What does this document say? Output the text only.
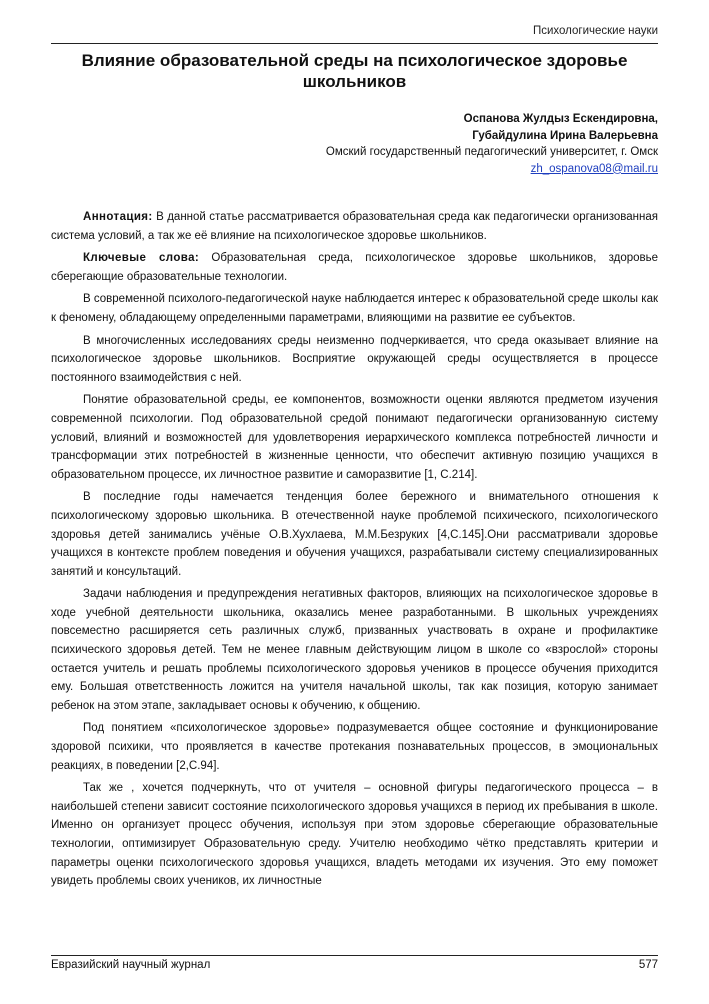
Психологические науки
Влияние образовательной среды на психологическое здоровье школьников
Оспанова Жулдыз Ескендировна,
Губайдулина Ирина Валерьевна
Омский государственный педагогический университет, г. Омск
zh_ospanova08@mail.ru

Аннотация: В данной статье рассматривается образовательная среда как педагогически организованная система условий, а так же её влияние на психологическое здоровье школьников.

Ключевые слова: Образовательная среда, психологическое здоровье школьников, здоровье сберегающие образовательные технологии.

В современной психолого-педагогической науке наблюдается интерес к образовательной среде школы как к феномену, обладающему определенными параметрами, влияющими на развитие ее субъектов.

В многочисленных исследованиях среды неизменно подчеркивается, что среда оказывает влияние на психологическое здоровье школьников. Восприятие окружающей среды осуществляется в процессе постоянного взаимодействия с ней.

Понятие образовательной среды, ее компонентов, возможности оценки являются предметом изучения современной психологии. Под образовательной средой понимают педагогически организованную систему условий, влияний и возможностей для удовлетворения иерархического комплекса потребностей личности и трансформации этих потребностей в жизненные ценности, что обеспечит активную позицию учащихся в образовательном процессе, их личностное развитие и саморазвитие [1, С.214].

В последние годы намечается тенденция более бережного и внимательного отношения к психологическому здоровью школьника. В отечественной науке проблемой психического, психологического здоровья детей занимались учёные О.В.Хухлаева, М.М.Безруких [4,С.145].Они рассматривали здоровье учащихся в контексте проблем поведения и обучения учащихся, разрабатывали систему специализированных занятий и консультаций.

Задачи наблюдения и предупреждения негативных факторов, влияющих на психологическое здоровье в ходе учебной деятельности школьника, оказались менее разработанными. В школьных учреждениях повсеместно расширяется сеть различных служб, призванных участвовать в охране и профилактике психического здоровья детей. Тем не менее главным действующим лицом в школе со «взрослой» стороны остается учитель и решать проблемы психологического здоровья учеников в процессе обучения приходится ему. Большая ответственность ложится на учителя начальной школы, так как позиция, которую занимает ребенок на этом этапе, закладывает основы к обучению, к общению.

Под понятием «психологическое здоровье» подразумевается общее состояние и функционирование здоровой психики, что проявляется в качестве протекания познавательных процессов, в эмоциональных реакциях, в поведении [2,С.94].

Так же , хочется подчеркнуть, что от учителя – основной фигуры педагогического процесса – в наибольшей степени зависит состояние психологического здоровья учащихся в период их пребывания в школе. Именно он организует процесс обучения, используя при этом здоровье сберегающие образовательные технологии, оптимизирует Образовательную среду. Учителю необходимо чётко представлять критерии и параметры оценки психологического здоровья учащихся, владеть методами их изучения. Это ему поможет увидеть проблемы своих учеников, их личностные

Евразийский научный журнал	577
